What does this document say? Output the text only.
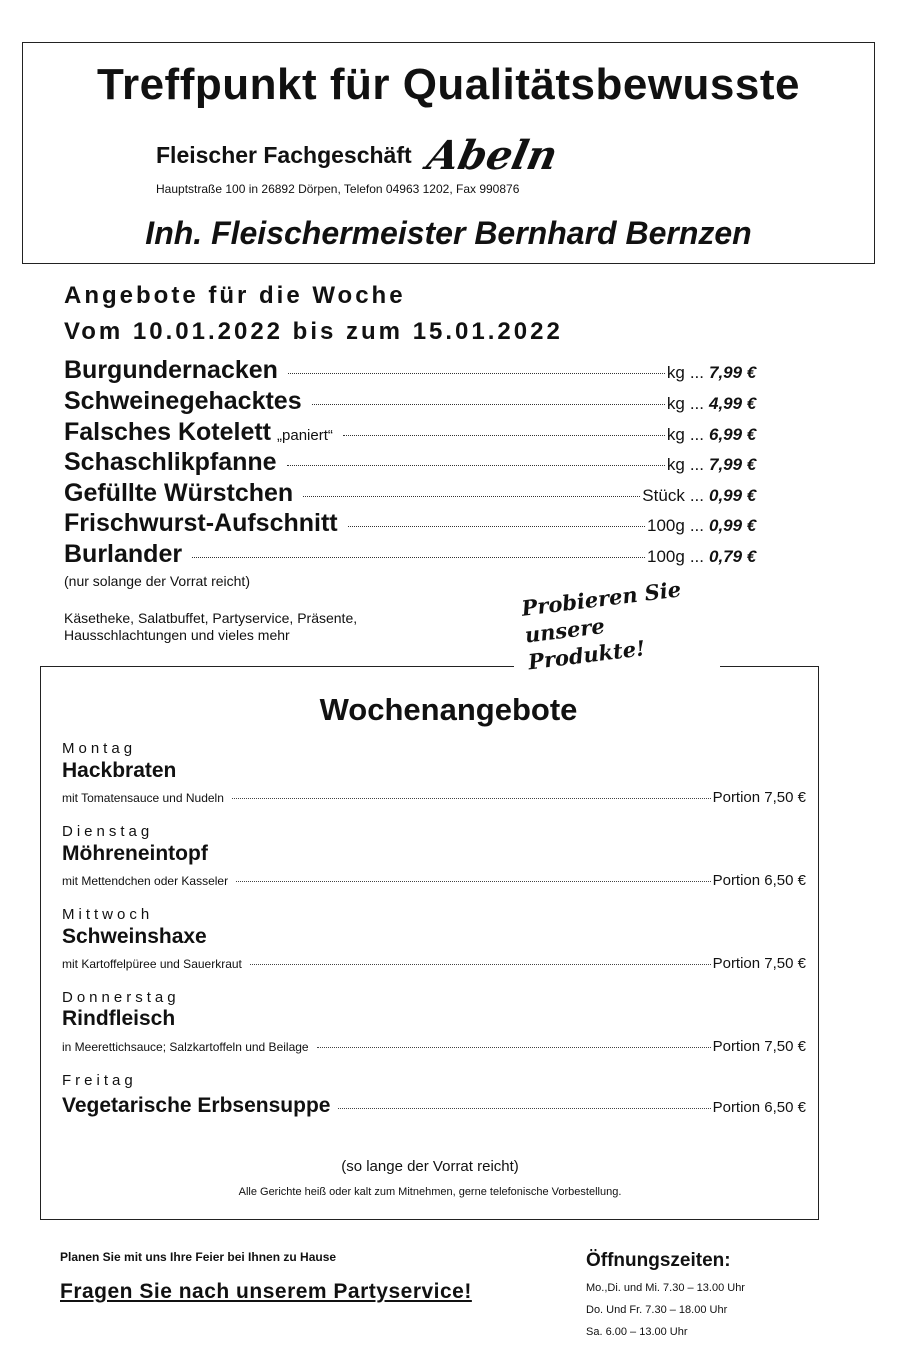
Treffpunkt für Qualitätsbewusste
Fleischer Fachgeschäft Abeln
Hauptstraße 100 in 26892 Dörpen, Telefon 04963 1202, Fax 990876
Inh. Fleischermeister Bernhard Bernzen
Angebote für die Woche
Vom 10.01.2022 bis zum 15.01.2022
Burgundernacken	kg ... 7,99 €
Schweinegehacktes	kg ... 4,99 €
Falsches Kotelett „paniert“	kg ... 6,99 €
Schaschlikpfanne	kg ... 7,99 €
Gefüllte Würstchen	Stück ... 0,99 €
Frischwurst-Aufschnitt	100g ... 0,99 €
Burlander	100g ... 0,79 €
(nur solange der Vorrat reicht)
Käsetheke, Salatbuffet, Partyservice, Präsente, Hausschlachtungen und vieles mehr
Probieren Sie
unsere Produkte!
Wochenangebote
Montag
Hackbraten
mit Tomatensauce und Nudeln	Portion 7,50 €
Dienstag
Möhreneintopf
mit Mettendchen oder Kasseler	Portion 6,50 €
Mittwoch
Schweinshaxe
mit Kartoffelpüree und Sauerkraut	Portion 7,50 €
Donnerstag
Rindfleisch
in Meerettichsauce; Salzkartoffeln und Beilage	Portion 7,50 €
Freitag
Vegetarische Erbsensuppe	Portion 6,50 €
(so lange der Vorrat reicht)
Alle Gerichte heiß oder kalt zum Mitnehmen, gerne telefonische Vorbestellung.
Planen Sie mit uns Ihre Feier bei Ihnen zu Hause
Fragen Sie nach unserem Partyservice!
Öffnungszeiten:
Mo.,Di. und Mi. 7.30 – 13.00 Uhr
Do. Und Fr. 7.30 – 18.00 Uhr
Sa. 6.00 – 13.00 Uhr
